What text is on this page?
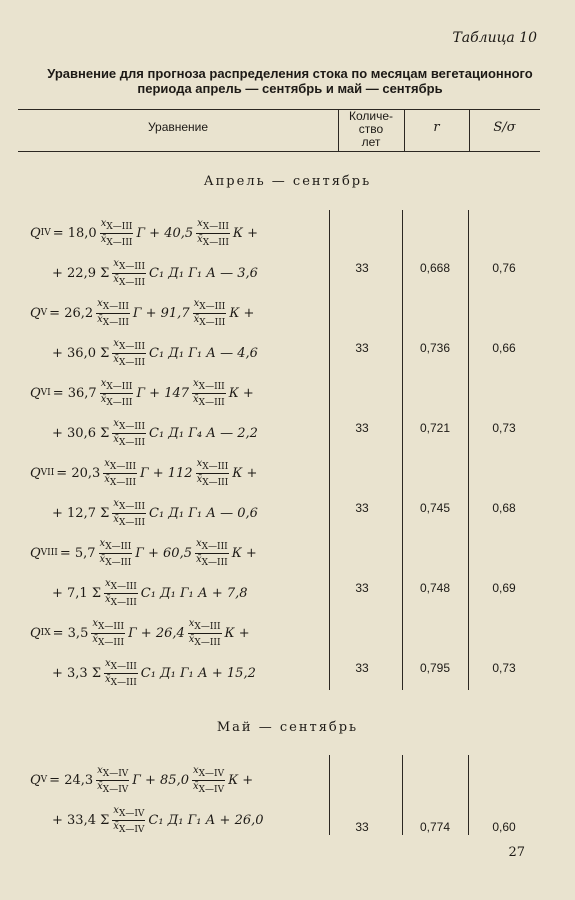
Таблица 10
Уравнение для прогноза распределения стока по месяцам вегетационного
периода апрель — сентябрь и май — сентябрь
Уравнение
Количе-
ство
лет
r	S/σ
Апрель — сентябрь
Май — сентябрь
Q IV = $18,0 \frac{x_{X—III}}{x̄_{X—III}}$ $Г + 40,5 \frac{x_{X—III}}{x̄_{X—III}}$ К +
+ 22,9 Σ $\frac{x_{X—III}}{x̄_{X—III}} С_1$ Д₁ Г₁ А — 3,6	33	0,668	0,76
Q $V = 26,2 \frac{x_{X—III}}{x̄_{X—III}}$ $Г + 91,7 \frac{x_{X—III}}{x̄_{X—III}}$ К +
+ 36,0 Σ $\frac{x_{X—III}}{x̄_{X—III}} С_1$ Д₁ Г₁ А — 4,6	33	0,736	0,66
Q VI = $36,7 \frac{x_{X—III}}{x̄_{X—III}}$ $Г + 147 \frac{x_{X—III}}{x̄_{X—III}}$ К +
+ 30,6 Σ $\frac{x_{X—III}}{x̄_{X—III}} С_1$ Д₁ Г₄ А — 2,2	33	0,721	0,73
Q VII = $20,3 \frac{x_{X—III}}{x̄_{X—III}}$ $Г + 112 \frac{x_{X—III}}{x̄_{X—III}}$ К +
+ 12,7 Σ $\frac{x_{X—III}}{x̄_{X—III}} С_1$ Д₁ Г₁ А — 0,6	33	0,745	0,68
Q VIII = $5,7 \frac{x_{X—III}}{x̄_{X—III}}$ $Г + 60,5 \frac{x_{X—III}}{x̄_{X—III}}$ К +
+ 7,1 Σ $\frac{x_{X—III}}{x̄_{X—III}} С_1$ Д₁ Г₁ А + 7,8	33	0,748	0,69
Q IX = $3,5 \frac{x_{X—III}}{x̄_{X—III}}$ $Г + 26,4 \frac{x_{X—III}}{x̄_{X—III}}$ К +
+ 3,3 Σ $\frac{x_{X—III}}{x̄_{X—III}} С_1$ Д₁ Г₁ А + 15,2	33	0,795	0,73
Q $V = 24,3 \frac{x_{X—IV}}{x̄_{X—IV}}$ $Г + 85,0 \frac{x_{X—IV}}{x̄_{X—IV}}$ К +
+ 33,4 Σ $\frac{x_{X—IV}}{x̄_{X—IV}} С_1$ Д₁ Г₁ А + 26,0	33	0,774	0,60
27
